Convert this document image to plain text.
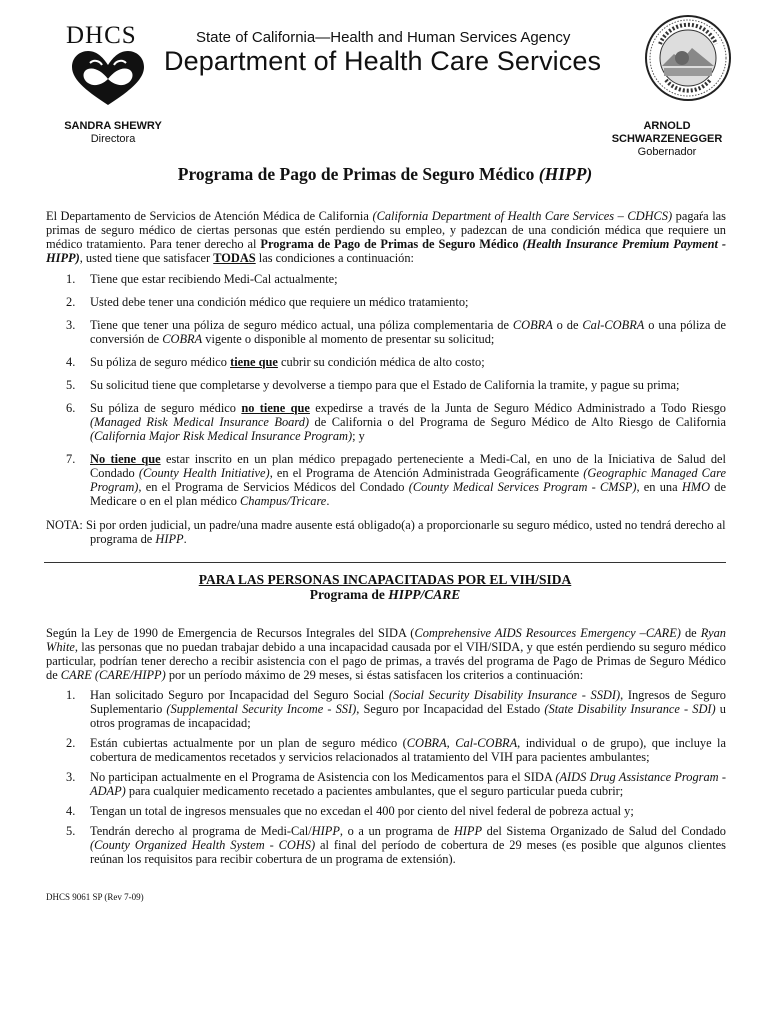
DHCS	State of California—Health and Human Services Agency
Department of Health Care Services
SANDRA SHEWRY
Directora
ARNOLD SCHWARZENEGGER
Gobernador
Programa de Pago de Primas de Seguro Médico (HIPP)
El Departamento de Servicios de Atención Médica de California (California Department of Health Care Services – CDHCS) pagaŕa las primas de seguro médico de ciertas personas que estén perdiendo su empleo, y padezcan de una condición médica que requiere un médico tratamiento. Para tener derecho al Programa de Pago de Primas de Seguro Médico (Health Insurance Premium Payment - HIPP), usted tiene que satisfacer TODAS las condiciones a continuación:
1. Tiene que estar recibiendo Medi-Cal actualmente;
2. Usted debe tener una condición médico que requiere un médico tratamiento;
3. Tiene que tener una póliza de seguro médico actual, una póliza complementaria de COBRA o de Cal-COBRA o una póliza de conversión de COBRA vigente o disponible al momento de presentar su solicitud;
4. Su póliza de seguro médico tiene que cubrir su condición médica de alto costo;
5. Su solicitud tiene que completarse y devolverse a tiempo para que el Estado de California la tramite, y pague su prima;
6. Su póliza de seguro médico no tiene que expedirse a través de la Junta de Seguro Médico Administrado a Todo Riesgo (Managed Risk Medical Insurance Board) de California o del Programa de Seguro Médico de Alto Riesgo de California (California Major Risk Medical Insurance Program); y
7. No tiene que estar inscrito en un plan médico prepagado perteneciente a Medi-Cal, en uno de la Iniciativa de Salud del Condado (County Health Initiative), en el Programa de Atención Administrada Geográficamente (Geographic Managed Care Program), en el Programa de Servicios Médicos del Condado (County Medical Services Program - CMSP), en una HMO de Medicare o en el plan médico Champus/Tricare.
NOTA: Si por orden judicial, un padre/una madre ausente está obligado(a) a proporcionarle su seguro médico, usted no tendrá derecho al programa de HIPP.
PARA LAS PERSONAS INCAPACITADAS POR EL VIH/SIDA
Programa de HIPP/CARE
Según la Ley de 1990 de Emergencia de Recursos Integrales del SIDA (Comprehensive AIDS Resources Emergency –CARE) de Ryan White, las personas que no puedan trabajar debido a una incapacidad causada por el VIH/SIDA, y que estén perdiendo su seguro médico particular, podrían tener derecho a recibir asistencia con el pago de primas, a través del programa de Pago de Primas de Seguro Médico de CARE (CARE/HIPP) por un período máximo de 29 meses, si éstas satisfacen los criterios a continuación:
1. Han solicitado Seguro por Incapacidad del Seguro Social (Social Security Disability Insurance - SSDI), Ingresos de Seguro Suplementario (Supplemental Security Income - SSI), Seguro por Incapacidad del Estado (State Disability Insurance - SDI) u otros programas de incapacidad;
2. Están cubiertas actualmente por un plan de seguro médico (COBRA, Cal-COBRA, individual o de grupo), que incluye la cobertura de medicamentos recetados y servicios relacionados al tratamiento del VIH para pacientes ambulantes;
3. No participan actualmente en el Programa de Asistencia con los Medicamentos para el SIDA (AIDS Drug Assistance Program - ADAP) para cualquier medicamento recetado a pacientes ambulantes, que el seguro particular pueda cubrir;
4. Tengan un total de ingresos mensuales que no excedan el 400 por ciento del nivel federal de pobreza actual y;
5. Tendrán derecho al programa de Medi-Cal/HIPP, o a un programa de HIPP del Sistema Organizado de Salud del Condado (County Organized Health System - COHS) al final del período de cobertura de 29 meses (es posible que algunos clientes reúnan los requisitos para recibir cobertura de un programa de extensión).
DHCS 9061 SP (Rev 7-09)
